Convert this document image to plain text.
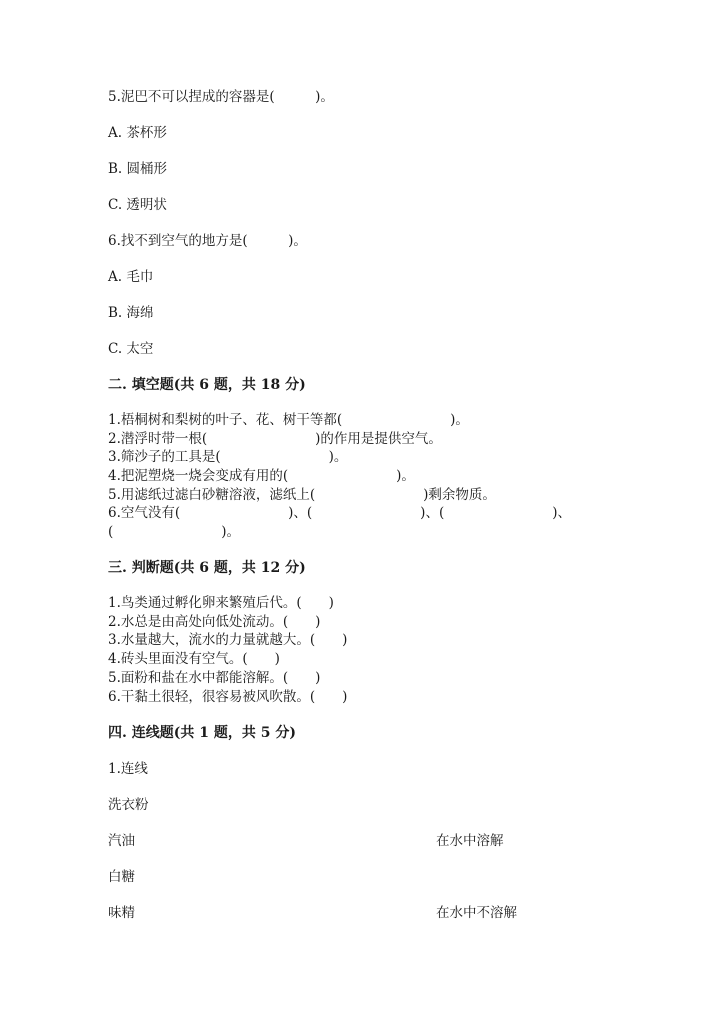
5.泥巴不可以捏成的容器是(　　　)。
A. 茶杯形
B. 圆桶形
C. 透明状
6.找不到空气的地方是(　　　)。
A. 毛巾
B. 海绵
C. 太空
二. 填空题(共 6 题，共 18 分)
1.梧桐树和梨树的叶子、花、树干等都(　　　　　　　　)。
2.潜浮时带一根(　　　　　　　　)的作用是提供空气。
3.筛沙子的工具是(　　　　　　　　)。
4.把泥塑烧一烧会变成有用的(　　　　　　　　)。
5.用滤纸过滤白砂糖溶液，滤纸上(　　　　　　　　)剩余物质。
6.空气没有(　　　　　　　　)、(　　　　　　　　)、(　　　　　　　　)、
(　　　　　　　　)。
三. 判断题(共 6 题，共 12 分)
1.鸟类通过孵化卵来繁殖后代。(　　)
2.水总是由高处向低处流动。(　　)
3.水量越大，流水的力量就越大。(　　)
4.砖头里面没有空气。(　　)
5.面粉和盐在水中都能溶解。(　　)
6.干黏土很轻，很容易被风吹散。(　　)
四. 连线题(共 1 题，共 5 分)
1.连线
洗衣粉
汽油	在水中溶解
白糖
味精	在水中不溶解
